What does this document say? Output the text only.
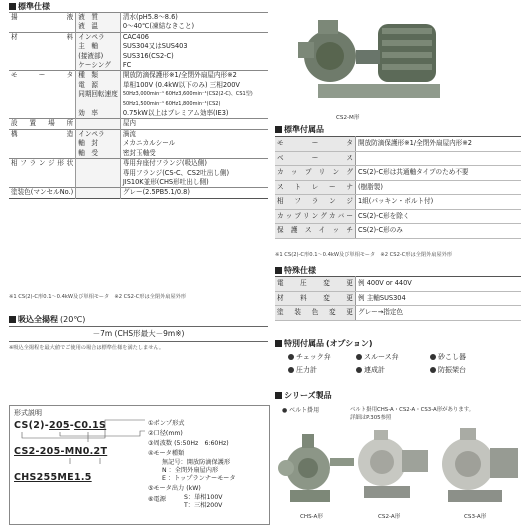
標準仕様
揚　液	液　質	清水(pH5.8～8.6)
	液　温	0～40℃(凍結なきこと)
材　料	インペラ	CAC406
	主　軸	SUS304又はSUS403
	(接液部)	SUS316(CS2-C)
	ケーシング	FC
モータ	種　類	開放防滴保護形※1/全閉外扇屋内形※2
	電　源	単相100V (0.4kW以下のみ) 三相200V
	同期回転速度	50Hz3,000min⁻¹ 60Hz3,600min⁻¹(CS2(2-C)、CS1型)
		50Hz1,500min⁻¹ 60Hz1,800min⁻¹(CS2)
	効　率	0.75kW以上はプレミアム効率(IE3)
設　置　場　所		屋内
構　造	インペラ	渦流
	軸　封	メカニカルシール
	軸　受	密封玉軸受
相フランジ形状		専用弁座付フランジ(吸込側)
		専用フランジ(CS-C、CS2吐出し側)
		JIS10K並形(CHS形吐出し側)
塗装色(マンセルNo.)		グレー(2.5PB5.1/0.8)
※1 CS(2)-C形0.1～0.4kW及び単相モータ　※2 CS2-C形は全閉外扇屋外形
吸込全揚程 (20℃)
－7m (CHS形最大－9m※)
※吸込全揚程を最大値でご使用の場合は標準仕様を満たしません。
形式説明
CS(2)-205-C0.1S
CS2-205-MN0.2T
CHS255ME1.5
①ポンプ形式
②口径(mm)
③周波数 (5:50Hz　6:60Hz)
④モータ種類
無記号：開放防滴保護形
N ：全閉外扇屋内形
E ：トップランナーモータ
⑤モータ出力 (kW)
⑥電源	S：単相100V
T：三相200V
CS2-M形
標準付属品
モ　ー　タ	開放防滴保護形※1/全閉外扇屋内形※2
ベ　ー　ス	
カップリング	CS(2)-C形は共通軸タイプのため不要
ストレーナ	(樹脂製)
相フランジ	1組(パッキン・ボルト付)
カップリングカバー	CS(2)-C形を除く
保護スイッチ	CS(2)-C形のみ
※1 CS(2)-C形0.1～0.4kW及び単相モータ　※2 CS2-C形は全閉外扇屋外形
特殊仕様
電圧変更	例 400V or 440V
材料変更	例 主軸SUS304
塗装色変更	グレー→指定色
特別付属品 (オプション)
チェック弁	スルース弁	砂こし器
圧力計	連成計	防振架台
シリーズ製品
● ベルト掛用	ベルト掛用CHS-A・CS2-A・CS3-A形があります。
詳細はP.305参照
CHS-A形	CS2-A形	CS3-A形
